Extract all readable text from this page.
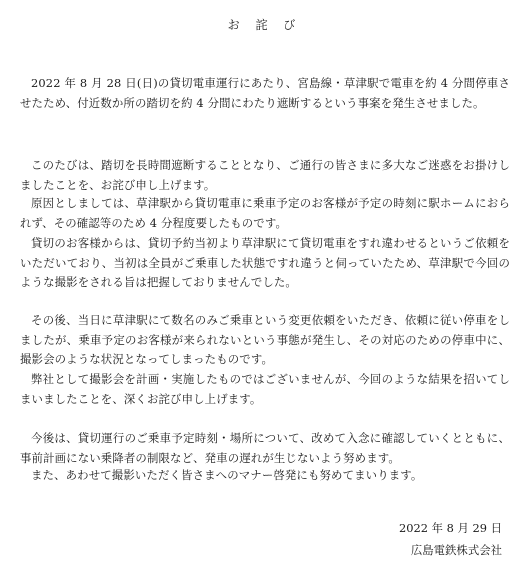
お 詫 び
2022 年 8 月 28 日(日)の貸切電車運行にあたり、宮島線・草津駅で電車を約 4 分間停車させたため、付近数か所の踏切を約 4 分間にわたり遮断するという事案を発生させました。
このたびは、踏切を長時間遮断することとなり、ご通行の皆さまに多大なご迷惑をお掛けしましたことを、お詫び申し上げます。
原因としましては、草津駅から貸切電車に乗車予定のお客様が予定の時刻に駅ホームにおられず、その確認等のため 4 分程度要したものです。
貸切のお客様からは、貸切予約当初より草津駅にて貸切電車をすれ違わせるというご依頼をいただいており、当初は全員がご乗車した状態ですれ違うと伺っていたため、草津駅で今回のような撮影をされる旨は把握しておりませんでした。
その後、当日に草津駅にて数名のみご乗車という変更依頼をいただき、依頼に従い停車をしましたが、乗車予定のお客様が来られないという事態が発生し、その対応のための停車中に、撮影会のような状況となってしまったものです。
弊社として撮影会を計画・実施したものではございませんが、今回のような結果を招いてしまいましたことを、深くお詫び申し上げます。
今後は、貸切運行のご乗車予定時刻・場所について、改めて入念に確認していくとともに、事前計画にない乗降者の制限など、発車の遅れが生じないよう努めます。
また、あわせて撮影いただく皆さまへのマナー啓発にも努めてまいります。
2022 年 8 月 29 日
広島電鉄株式会社
